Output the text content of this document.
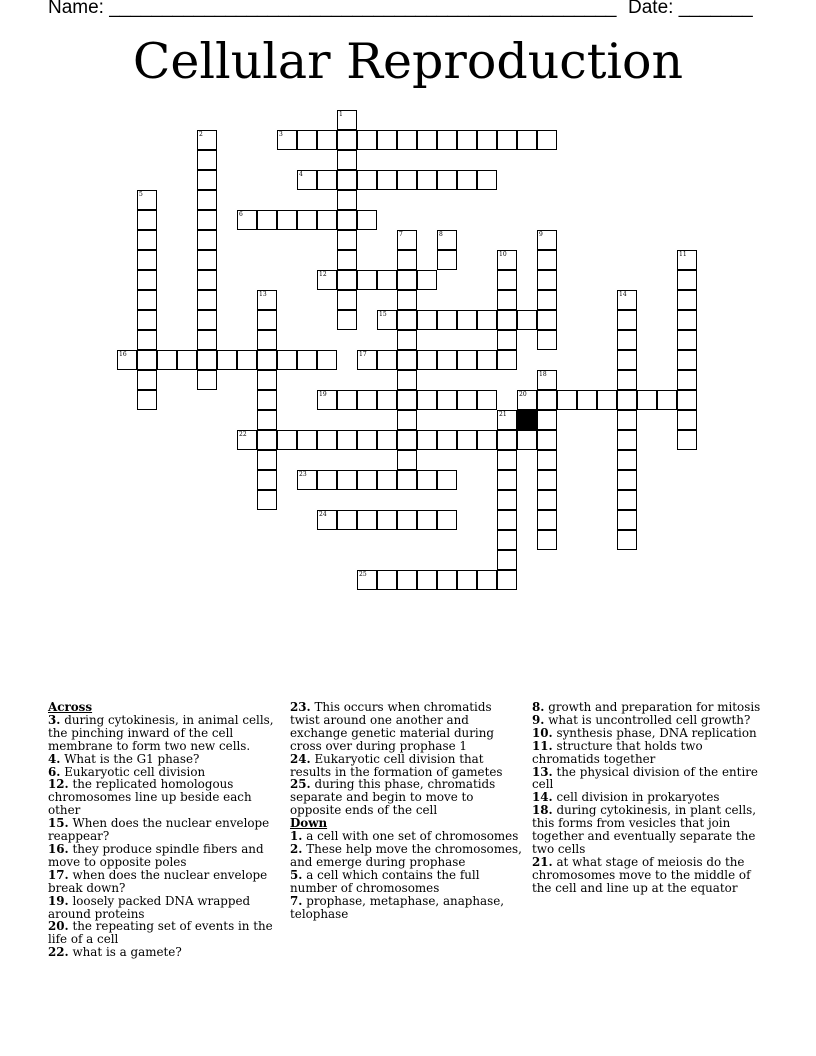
Name: ________________________________________________ Date: _______
Cellular Reproduction
3
4
6
12
15
16	17
19	20
22
23
24
25
1
2
5
7	8	9
10	11
13	14
18
21
Across
3. during cytokinesis, in animal cells, the pinching inward of the cell membrane to form two new cells.
4. What is the G1 phase?
6. Eukaryotic cell division
12. the replicated homologous chromosomes line up beside each other
15. When does the nuclear envelope reappear?
16. they produce spindle fibers and move to opposite poles
17. when does the nuclear envelope break down?
19. loosely packed DNA wrapped around proteins
20. the repeating set of events in the life of a cell
22. what is a gamete?
23. This occurs when chromatids twist around one another and exchange genetic material during cross over during prophase 1
24. Eukaryotic cell division that results in the formation of gametes
25. during this phase, chromatids separate and begin to move to opposite ends of the cell
Down
1. a cell with one set of chromosomes
2. These help move the chromosomes, and emerge during prophase
5. a cell which contains the full number of chromosomes
7. prophase, metaphase, anaphase, telophase
8. growth and preparation for mitosis
9. what is uncontrolled cell growth?
10. synthesis phase, DNA replication
11. structure that holds two chromatids together
13. the physical division of the entire cell
14. cell division in prokaryotes
18. during cytokinesis, in plant cells, this forms from vesicles that join together and eventually separate the two cells
21. at what stage of meiosis do the chromosomes move to the middle of the cell and line up at the equator
